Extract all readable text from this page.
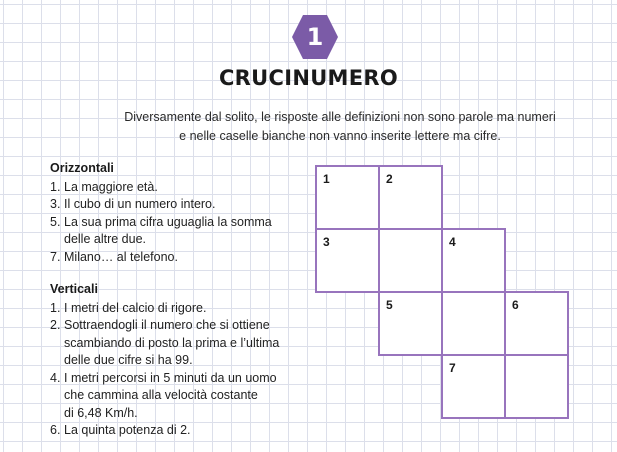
1
CRUCINUMERO
Diversamente dal solito, le risposte alle definizioni non sono parole ma numeri
e nelle caselle bianche non vanno inserite lettere ma cifre.
Orizzontali
1. La maggiore età.
3. Il cubo di un numero intero.
5. La sua prima cifra uguaglia la somma
delle altre due.
7. Milano… al telefono.
Verticali
1. I metri del calcio di rigore.
2. Sottraendogli il numero che si ottiene
scambiando di posto la prima e l’ultima
delle due cifre si ha 99.
4. I metri percorsi in 5 minuti da un uomo
che cammina alla velocità costante
di 6,48 Km/h.
6. La quinta potenza di 2.
1	2
3	4
5	6
7
